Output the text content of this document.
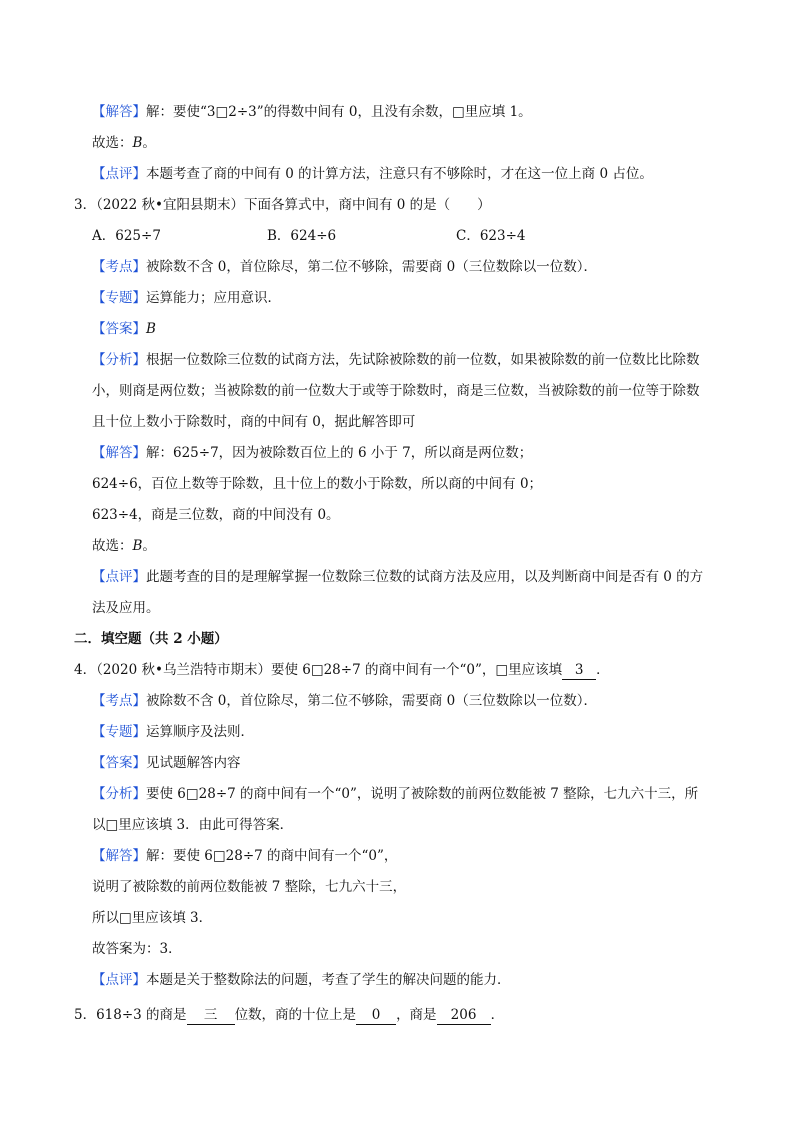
【解答】解：要使“3□2÷3”的得数中间有 0，且没有余数，□里应填 1。
故选：B。
【点评】本题考查了商的中间有 0 的计算方法，注意只有不够除时，才在这一位上商 0 占位。
3．（2022 秋•宜阳县期末）下面各算式中，商中间有 0 的是（　　）
A．625÷7	B．624÷6	C．623÷4
【考点】被除数不含 0，首位除尽，第二位不够除，需要商 0（三位数除以一位数）．
【专题】运算能力；应用意识．
【答案】B
【分析】根据一位数除三位数的试商方法，先试除被除数的前一位数，如果被除数的前一位数比比除数
小，则商是两位数；当被除数的前一位数大于或等于除数时，商是三位数，当被除数的前一位等于除数
且十位上数小于除数时，商的中间有 0，据此解答即可
【解答】解：625÷7，因为被除数百位上的 6 小于 7，所以商是两位数；
624÷6，百位上数等于除数，且十位上的数小于除数，所以商的中间有 0；
623÷4，商是三位数，商的中间没有 0。
故选：B。
【点评】此题考查的目的是理解掌握一位数除三位数的试商方法及应用，以及判断商中间是否有 0 的方
法及应用。
二．填空题（共 2 小题）
4．（2020 秋•乌兰浩特市期末）要使 6□28÷7 的商中间有一个“0”，□里应该填 3 ．
【考点】被除数不含 0，首位除尽，第二位不够除，需要商 0（三位数除以一位数）．
【专题】运算顺序及法则．
【答案】见试题解答内容
【分析】要使 6□28÷7 的商中间有一个“0”，说明了被除数的前两位数能被 7 整除，七九六十三，所
以□里应该填 3．由此可得答案．
【解答】解：要使 6□28÷7 的商中间有一个“0”，
说明了被除数的前两位数能被 7 整除，七九六十三，
所以□里应该填 3．
故答案为：3．
【点评】本题是关于整数除法的问题，考查了学生的解决问题的能力．
5．618÷3 的商是 三 位数，商的十位上是 0 ，商是 206 ．
